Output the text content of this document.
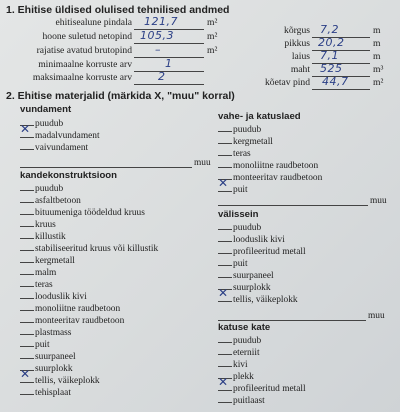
1. Ehitise üldised olulised tehnilised andmed
ehitisealune pindala 121,7	m²
hoone suletud netopind 105,3	m²
rajatise avatud brutopind –	m²
minimaalne korruste arv	1
maksimaalne korruste arv 2
kõrgus 7,2	m
pikkus 20,2	m
laius 7,1	m
maht 525	m³
kõetav pind 44,7	m²
2. Ehitise materjalid (märkida X, "muu" korral)
vundament
puudub
✕ madalvundament
vaivundament
muu
kandekonstruktsioon
puudub
asfaltbetoon
bituumeniga töödeldud kruus
kruus
killustik
stabiliseeritud kruus või killustik
kergmetall
malm
teras
looduslik kivi
monoliitne raudbetoon
monteeritav raudbetoon
plastmass
puit
suurpaneel
suurplokk
✕ tellis, väikeplokk
tehisplaat
vahe- ja katuslaed
puudub
kergmetall
teras
monoliitne raudbetoon
monteeritav raudbetoon
✕ puit
muu
välissein
puudub
looduslik kivi
profileeritud metall
puit
suurpaneel
suurplokk
✕ tellis, väikeplokk
muu
katuse kate
puudub
eterniit
kivi
plekk
✕ profileeritud metall
puitlaast
